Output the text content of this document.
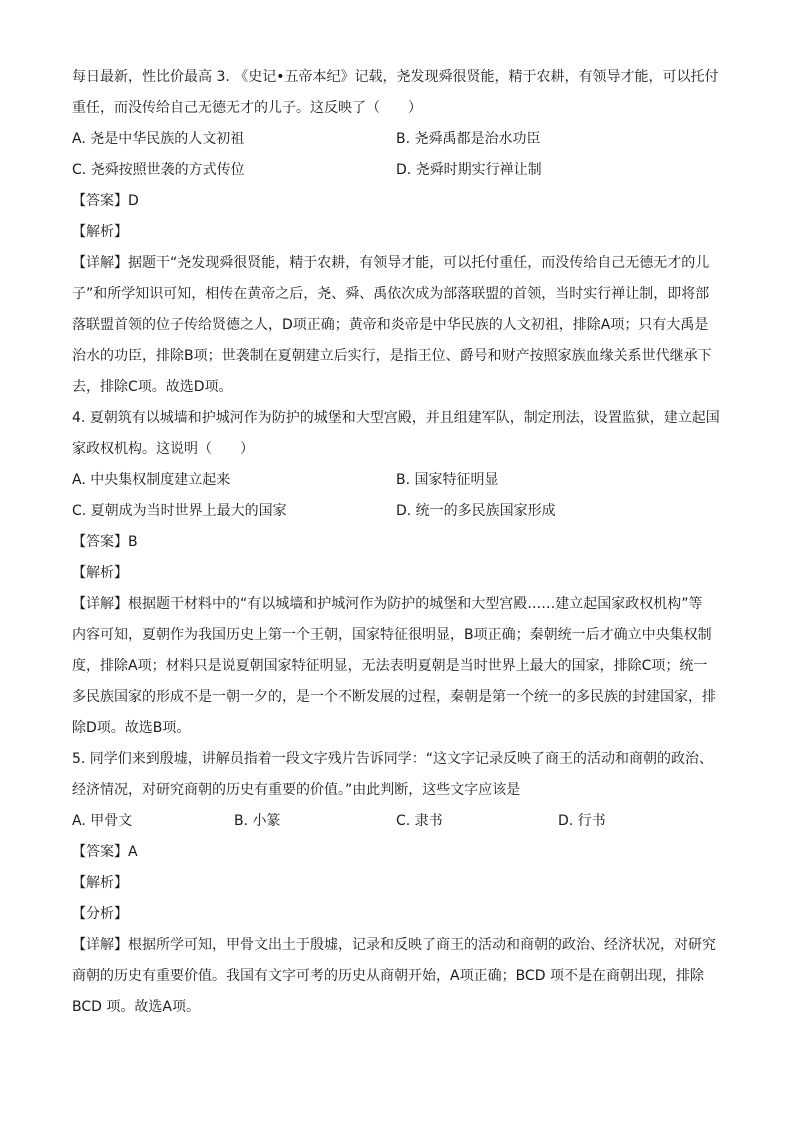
每日最新，性比价最高 3. 《史记•五帝本纪》记载，尧发现舜很贤能，精于农耕，有领导才能，可以托付

重任，而没传给自己无德无才的儿子。这反映了（　　）

A. 尧是中华民族的人文初祖	B. 尧舜禹都是治水功臣
C. 尧舜按照世袭的方式传位	D. 尧舜时期实行禅让制

【答案】D

【解析】

【详解】据题干“尧发现舜很贤能，精于农耕，有领导才能，可以托付重任，而没传给自己无德无才的儿

子”和所学知识可知，相传在黄帝之后，尧、舜、禹依次成为部落联盟的首领，当时实行禅让制，即将部

落联盟首领的位子传给贤德之人，D项正确；黄帝和炎帝是中华民族的人文初祖，排除A项；只有大禹是

治水的功臣，排除B项；世袭制在夏朝建立后实行，是指王位、爵号和财产按照家族血缘关系世代继承下

去，排除C项。故选D项。

4. 夏朝筑有以城墙和护城河作为防护的城堡和大型宫殿，并且组建军队，制定刑法，设置监狱，建立起国

家政权机构。这说明（　　）

A. 中央集权制度建立起来	B. 国家特征明显
C. 夏朝成为当时世界上最大的国家	D. 统一的多民族国家形成

【答案】B

【解析】

【详解】根据题干材料中的“有以城墙和护城河作为防护的城堡和大型宫殿……建立起国家政权机构”等

内容可知，夏朝作为我国历史上第一个王朝，国家特征很明显，B项正确；秦朝统一后才确立中央集权制

度，排除A项；材料只是说夏朝国家特征明显，无法表明夏朝是当时世界上最大的国家，排除C项；统一

多民族国家的形成不是一朝一夕的，是一个不断发展的过程，秦朝是第一个统一的多民族的封建国家，排

除D项。故选B项。

5. 同学们来到殷墟，讲解员指着一段文字残片告诉同学：“这文字记录反映了商王的活动和商朝的政治、

经济情况，对研究商朝的历史有重要的价值。”由此判断，这些文字应该是

A. 甲骨文	B. 小篆	C. 隶书	D. 行书

【答案】A

【解析】

【分析】

【详解】根据所学可知，甲骨文出土于殷墟，记录和反映了商王的活动和商朝的政治、经济状况，对研究

商朝的历史有重要价值。我国有文字可考的历史从商朝开始，A项正确；BCD 项不是在商朝出现，排除

BCD 项。故选A项。
